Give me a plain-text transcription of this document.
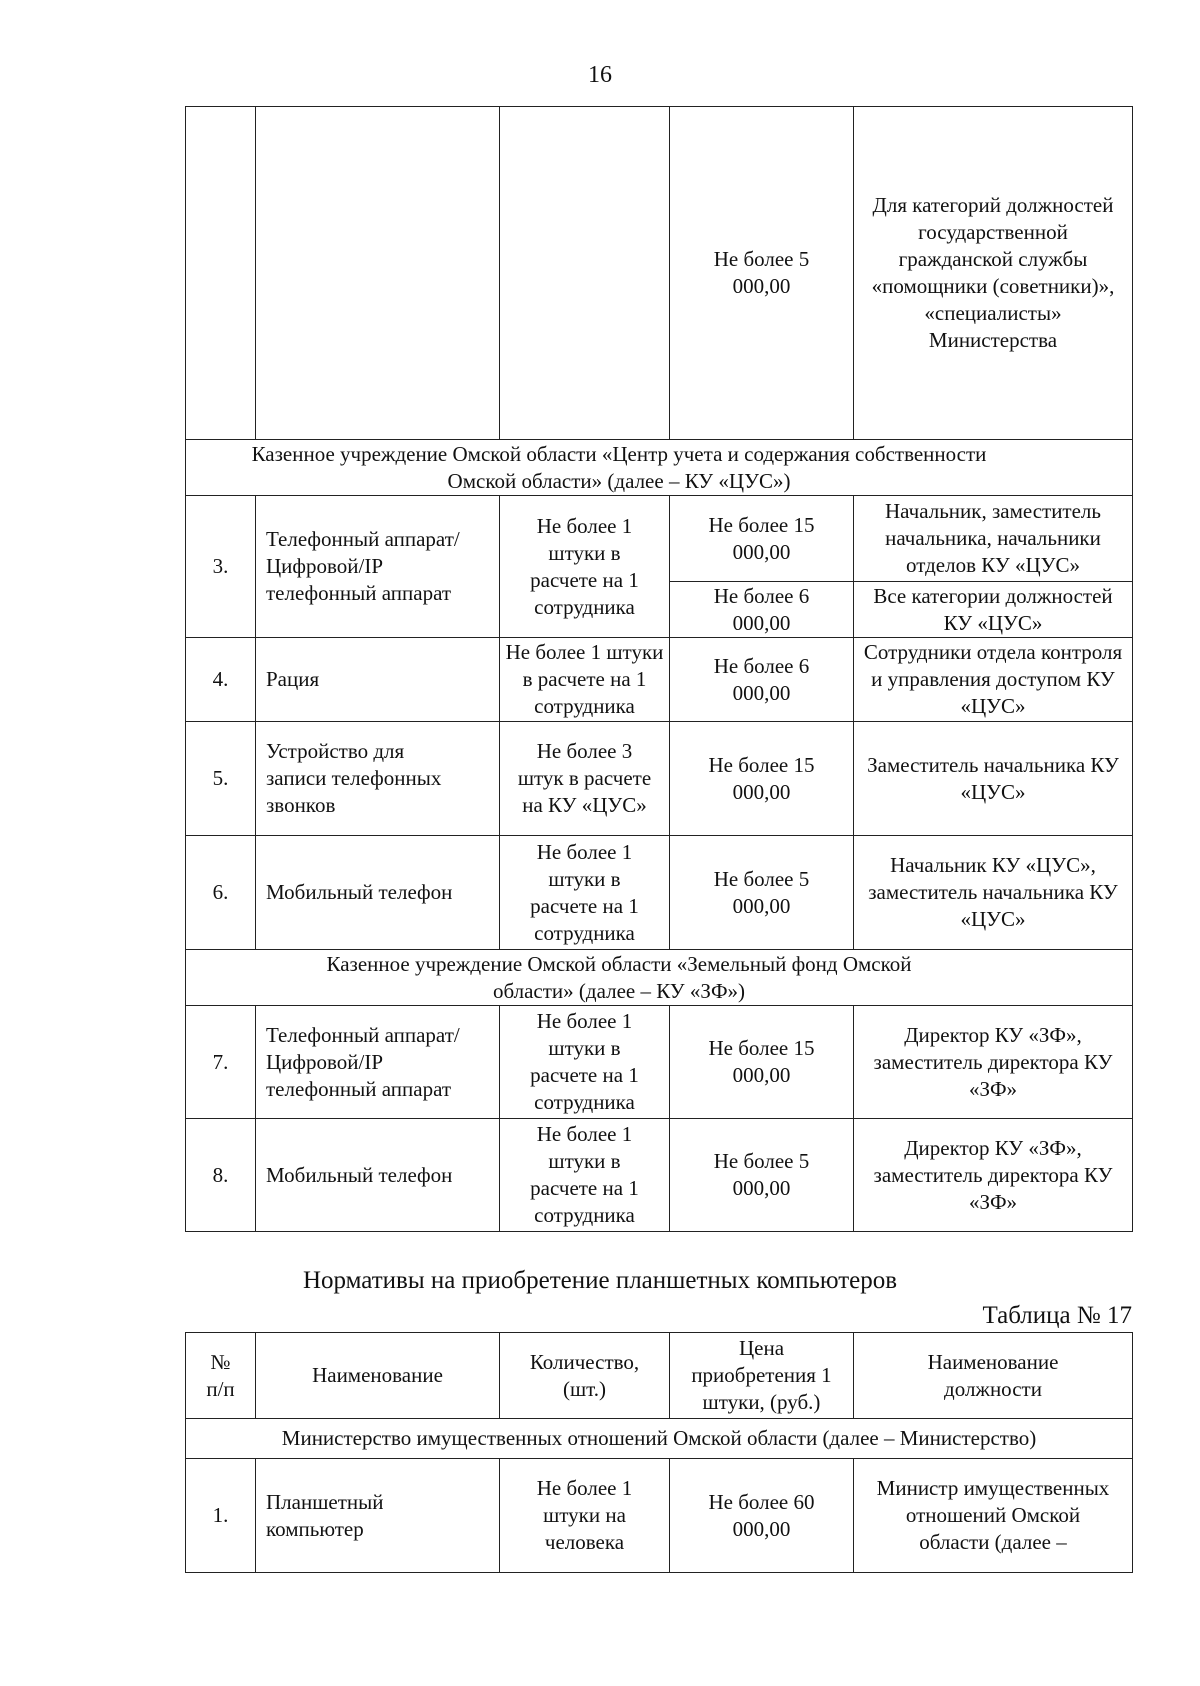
16
			Не более 5 000,00	Для категорий должностей государственной гражданской службы «помощники (советники)», «специалисты» Министерства
Казенное учреждение Омской области «Центр учета и содержания собственности Омской области» (далее – КУ «ЦУС»)				
3.	Телефонный аппарат/Цифровой/IP телефонный аппарат	Не более 1 штуки в расчете на 1 сотрудника	Не более 15 000,00	Начальник, заместитель начальника, начальники отделов КУ «ЦУС»
			Не более 6 000,00	Все категории должностей КУ «ЦУС»
4.	Рация	Не более 1 штуки в расчете на 1 сотрудника	Не более 6 000,00	Сотрудники отдела контроля и управления доступом КУ «ЦУС»
5.	Устройство для записи телефонных звонков	Не более 3 штук в расчете на КУ «ЦУС»	Не более 15 000,00	Заместитель начальника КУ «ЦУС»
6.	Мобильный телефон	Не более 1 штуки в расчете на 1 сотрудника	Не более 5 000,00	Начальник КУ «ЦУС», заместитель начальника КУ «ЦУС»
Казенное учреждение Омской области «Земельный фонд Омской области» (далее – КУ «ЗФ»)				
7.	Телефонный аппарат/Цифровой/IP телефонный аппарат	Не более 1 штуки в расчете на 1 сотрудника	Не более 15 000,00	Директор КУ «ЗФ», заместитель директора КУ «ЗФ»
8.	Мобильный телефон	Не более 1 штуки в расчете на 1 сотрудника	Не более 5 000,00	Директор КУ «ЗФ», заместитель директора КУ «ЗФ»
Нормативы на приобретение планшетных компьютеров
Таблица № 17
№ п/п	Наименование	Количество, (шт.)	Цена приобретения 1 штуки, (руб.)	Наименование должности
Министерство имущественных отношений Омской области (далее – Министерство)				
1.	Планшетный компьютер	Не более 1 штуки на человека	Не более 60 000,00	Министр имущественных отношений Омской области (далее –
